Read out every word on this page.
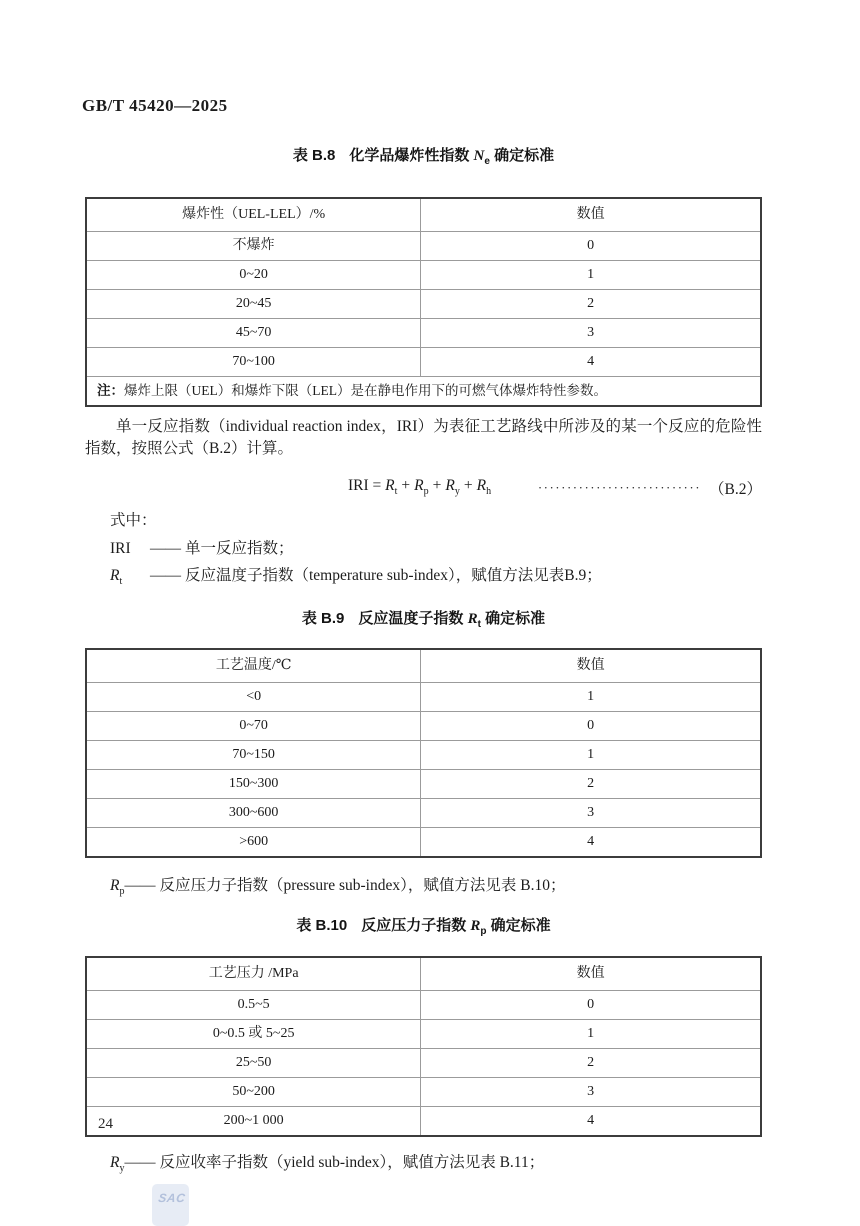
GB/T 45420—2025
表 B.8 化学品爆炸性指数 $N_e$ 确定标准
爆炸性（UEL-LEL）/%	数值
不爆炸	0
0~20	1
20~45	2
45~70	3
70~100	4
注：爆炸上限（UEL）和爆炸下限（LEL）是在静电作用下的可燃气体爆炸特性参数。	

单一反应指数（individual reaction index，IRI）为表征工艺路线中所涉及的某一个反应的危险性指数，按照公式（B.2）计算。

IRI = $R_t + R_p + R_y + R_h$	···························· （B.2）
式中：
IRI —— 单一反应指数；
$R_t$ —— 反应温度子指数（temperature sub-index），赋值方法见表B.9；
表 B.9 反应温度子指数 $R_t$ 确定标准
工艺温度/℃	数值
<0	1
0~70	0
70~150	1
150~300	2
300~600	3
>600	4
$R_p——$ 反应压力子指数（pressure sub-index），赋值方法见表 B.10；
表 B.10 反应压力子指数 $R_p$ 确定标准
工艺压力 /MPa	数值
0.5~5	0
0~0.5 或 5~25	1
25~50	2
50~200	3
200~1 000	4
$R_y——$ 反应收率子指数（yield sub-index），赋值方法见表 B.11；
24
SAC
